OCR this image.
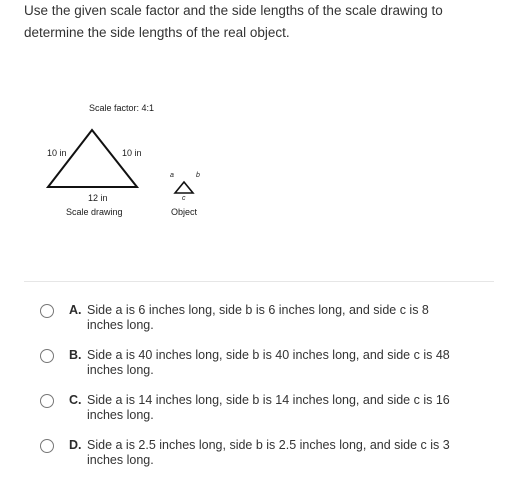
Use the given scale factor and the side lengths of the scale drawing to
determine the side lengths of the real object.
Scale factor: 4:1
10 in	10 in
12 in
Scale drawing
a	b
c
Object
A. Side a is 6 inches long, side b is 6 inches long, and side c is 8 inches long.
B. Side a is 40 inches long, side b is 40 inches long, and side c is 48 inches long.
C. Side a is 14 inches long, side b is 14 inches long, and side c is 16 inches long.
D. Side a is 2.5 inches long, side b is 2.5 inches long, and side c is 3 inches long.
